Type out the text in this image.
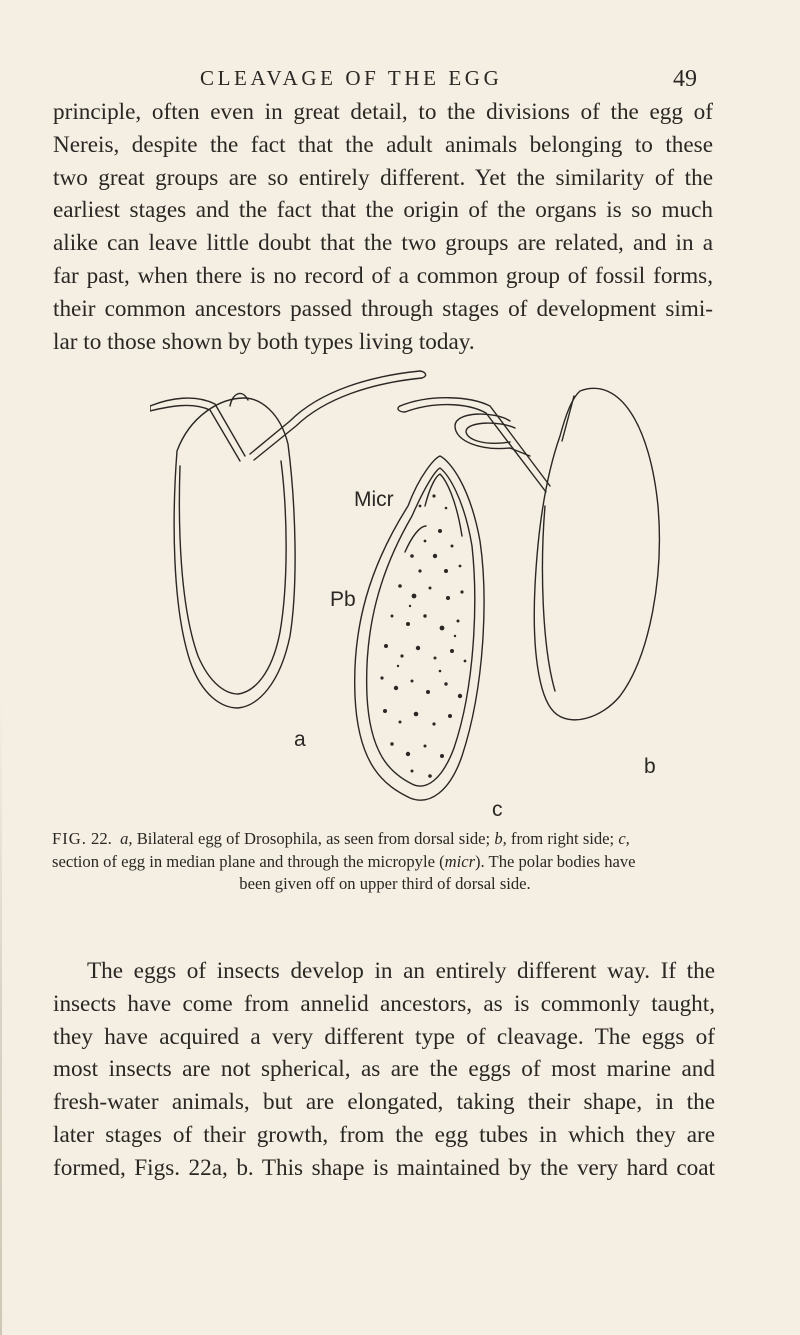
CLEAVAGE OF THE EGG	49

principle, often even in great detail, to the divisions of the egg of
Nereis, despite the fact that the adult animals belonging to these
two great groups are so entirely different. Yet the similarity of the
earliest stages and the fact that the origin of the organs is so much
alike can leave little doubt that the two groups are related, and in a
far past, when there is no record of a common group of fossil forms,
their common ancestors passed through stages of development simi-
lar to those shown by both types living today.

Micr
Pb
a
b
c

FIG. 22. a, Bilateral egg of Drosophila, as seen from dorsal side; b, from right side; c,
section of egg in median plane and through the micropyle (micr). The polar bodies have
been given off on upper third of dorsal side.

The eggs of insects develop in an entirely different way. If the
insects have come from annelid ancestors, as is commonly taught,
they have acquired a very different type of cleavage. The eggs of
most insects are not spherical, as are the eggs of most marine and
fresh-water animals, but are elongated, taking their shape, in the
later stages of their growth, from the egg tubes in which they are
formed, Figs. 22a, b. This shape is maintained by the very hard coat
